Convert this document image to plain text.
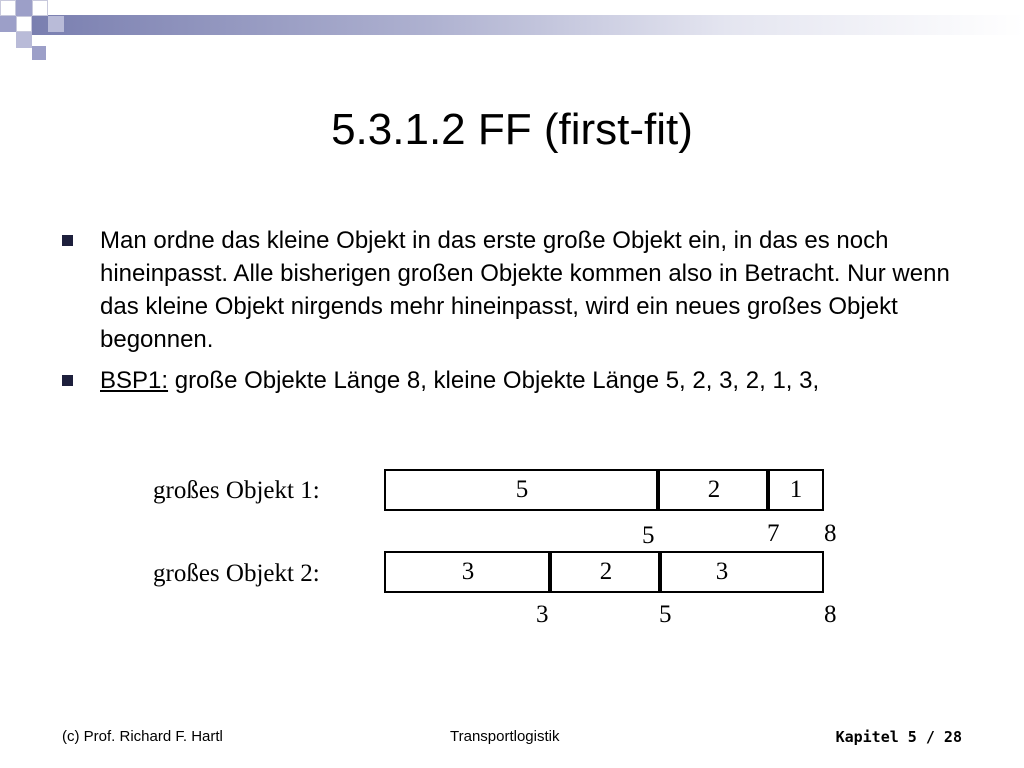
5.3.1.2 FF (first-fit)
Man ordne das kleine Objekt in das erste große Objekt ein, in das es noch hineinpasst. Alle bisherigen großen Objekte kommen also in Betracht. Nur wenn das kleine Objekt nirgends mehr hineinpasst, wird ein neues großes Objekt begonnen.
BSP1: große Objekte Länge 8, kleine Objekte Länge 5, 2, 3, 2, 1, 3,
großes Objekt 1:	5	2	1
5	7 8
großes Objekt 2:	3	2	3
3	5	8
(c) Prof. Richard F. Hartl	Transportlogistik	Kapitel 5 / 28
